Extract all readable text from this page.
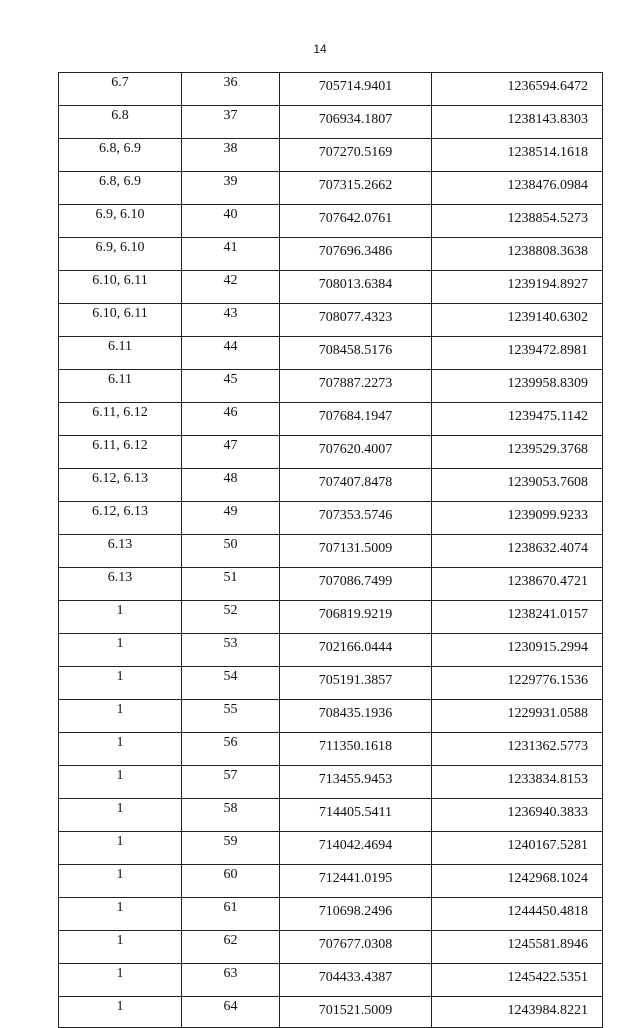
14
6.7	36	705714.9401	1236594.6472
6.8	37	706934.1807	1238143.8303
6.8, 6.9	38	707270.5169	1238514.1618
6.8, 6.9	39	707315.2662	1238476.0984
6.9, 6.10	40	707642.0761	1238854.5273
6.9, 6.10	41	707696.3486	1238808.3638
6.10, 6.11	42	708013.6384	1239194.8927
6.10, 6.11	43	708077.4323	1239140.6302
6.11	44	708458.5176	1239472.8981
6.11	45	707887.2273	1239958.8309
6.11, 6.12	46	707684.1947	1239475.1142
6.11, 6.12	47	707620.4007	1239529.3768
6.12, 6.13	48	707407.8478	1239053.7608
6.12, 6.13	49	707353.5746	1239099.9233
6.13	50	707131.5009	1238632.4074
6.13	51	707086.7499	1238670.4721
1	52	706819.9219	1238241.0157
1	53	702166.0444	1230915.2994
1	54	705191.3857	1229776.1536
1	55	708435.1936	1229931.0588
1	56	711350.1618	1231362.5773
1	57	713455.9453	1233834.8153
1	58	714405.5411	1236940.3833
1	59	714042.4694	1240167.5281
1	60	712441.0195	1242968.1024
1	61	710698.2496	1244450.4818
1	62	707677.0308	1245581.8946
1	63	704433.4387	1245422.5351
1	64	701521.5009	1243984.8221
